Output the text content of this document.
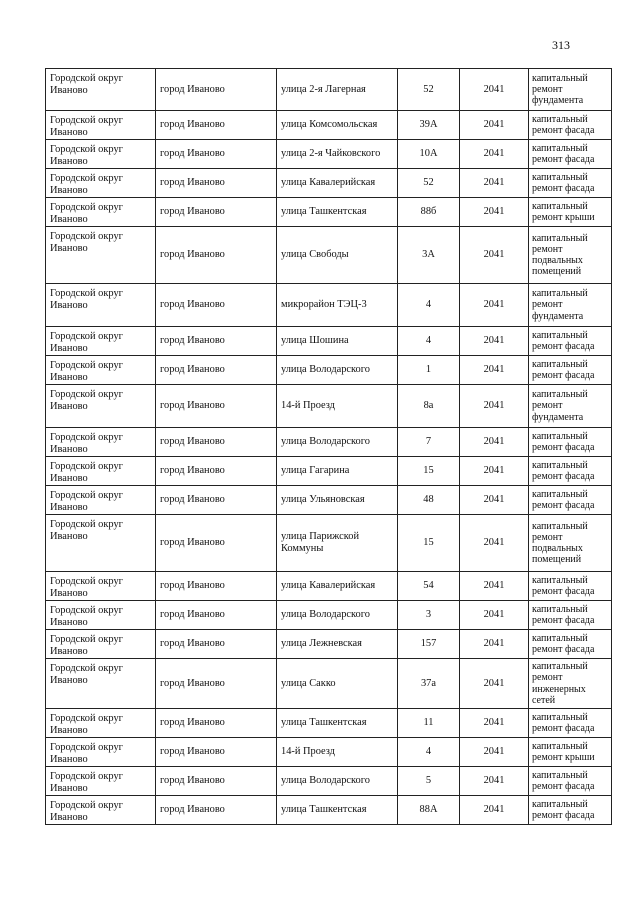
313
Городской округ Иваново	город Иваново	улица 2-я Лагерная	52	2041	капитальный ремонт фундамента
Городской округ Иваново	город Иваново	улица Комсомольская	39А	2041	капитальный ремонт фасада
Городской округ Иваново	город Иваново	улица 2-я Чайковского	10А	2041	капитальный ремонт фасада
Городской округ Иваново	город Иваново	улица Кавалерийская	52	2041	капитальный ремонт фасада
Городской округ Иваново	город Иваново	улица Ташкентская	88б	2041	капитальный ремонт крыши
Городской округ Иваново	город Иваново	улица Свободы	3А	2041	капитальный ремонт подвальных помещений
Городской округ Иваново	город Иваново	микрорайон ТЭЦ-3	4	2041	капитальный ремонт фундамента
Городской округ Иваново	город Иваново	улица Шошина	4	2041	капитальный ремонт фасада
Городской округ Иваново	город Иваново	улица Володарского	1	2041	капитальный ремонт фасада
Городской округ Иваново	город Иваново	14-й Проезд	8а	2041	капитальный ремонт фундамента
Городской округ Иваново	город Иваново	улица Володарского	7	2041	капитальный ремонт фасада
Городской округ Иваново	город Иваново	улица Гагарина	15	2041	капитальный ремонт фасада
Городской округ Иваново	город Иваново	улица Ульяновская	48	2041	капитальный ремонт фасада
Городской округ Иваново	город Иваново	улица Парижской Коммуны	15	2041	капитальный ремонт подвальных помещений
Городской округ Иваново	город Иваново	улица Кавалерийская	54	2041	капитальный ремонт фасада
Городской округ Иваново	город Иваново	улица Володарского	3	2041	капитальный ремонт фасада
Городской округ Иваново	город Иваново	улица Лежневская	157	2041	капитальный ремонт фасада
Городской округ Иваново	город Иваново	улица Сакко	37а	2041	капитальный ремонт инженерных сетей
Городской округ Иваново	город Иваново	улица Ташкентская	11	2041	капитальный ремонт фасада
Городской округ Иваново	город Иваново	14-й Проезд	4	2041	капитальный ремонт крыши
Городской округ Иваново	город Иваново	улица Володарского	5	2041	капитальный ремонт фасада
Городской округ Иваново	город Иваново	улица Ташкентская	88А	2041	капитальный ремонт фасада
